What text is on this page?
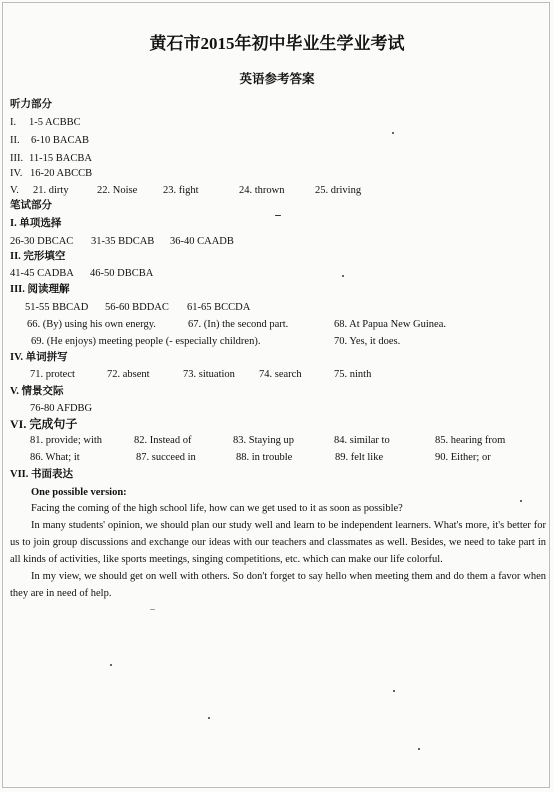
黄石市2015年初中毕业生学业考试
英语参考答案
听力部分
I. 1-5 ACBBC
II. 6-10 BACAB
III. 11-15 BACBA
IV. 16-20 ABCCB
V. 21. dirty	22. Noise 23. fight	24. thrown	25. driving
笔试部分
I. 单项选择
26-30 DBCAC 31-35 BDCAB 36-40 CAADB
II. 完形填空
41-45 CADBA 46-50 DBCBA
III. 阅读理解
51-55 BBCAD 56-60 BDDAC 61-65 BCCDA
66. (By) using his own energy.	67. (In) the second part.	68. At Papua New Guinea.
69. (He enjoys) meeting people (- especially children).	70. Yes, it does.
IV. 单词拼写
71. protect	72. absent	73. situation 74. search	75. ninth
V. 情景交际
76-80 AFDBG
VI. 完成句子
81. provide; with	82. Instead of	83. Staying up	84. similar to	85. hearing from
86. What; it	87. succeed in	88. in trouble	89. felt like	90. Either; or
VII. 书面表达
One possible version:
Facing the coming of the high school life, how can we get used to it as soon as possible?
In many students' opinion, we should plan our study well and learn to be independent learners. What's more, it's better for us to join group discussions and exchange our ideas with our teachers and classmates as well. Besides, we need to take part in all kinds of activities, like sports meetings, singing competitions, etc. which can make our life colorful.
In my view, we should get on well with others. So don't forget to say hello when meeting them and do them a favor when they are in need of help.
